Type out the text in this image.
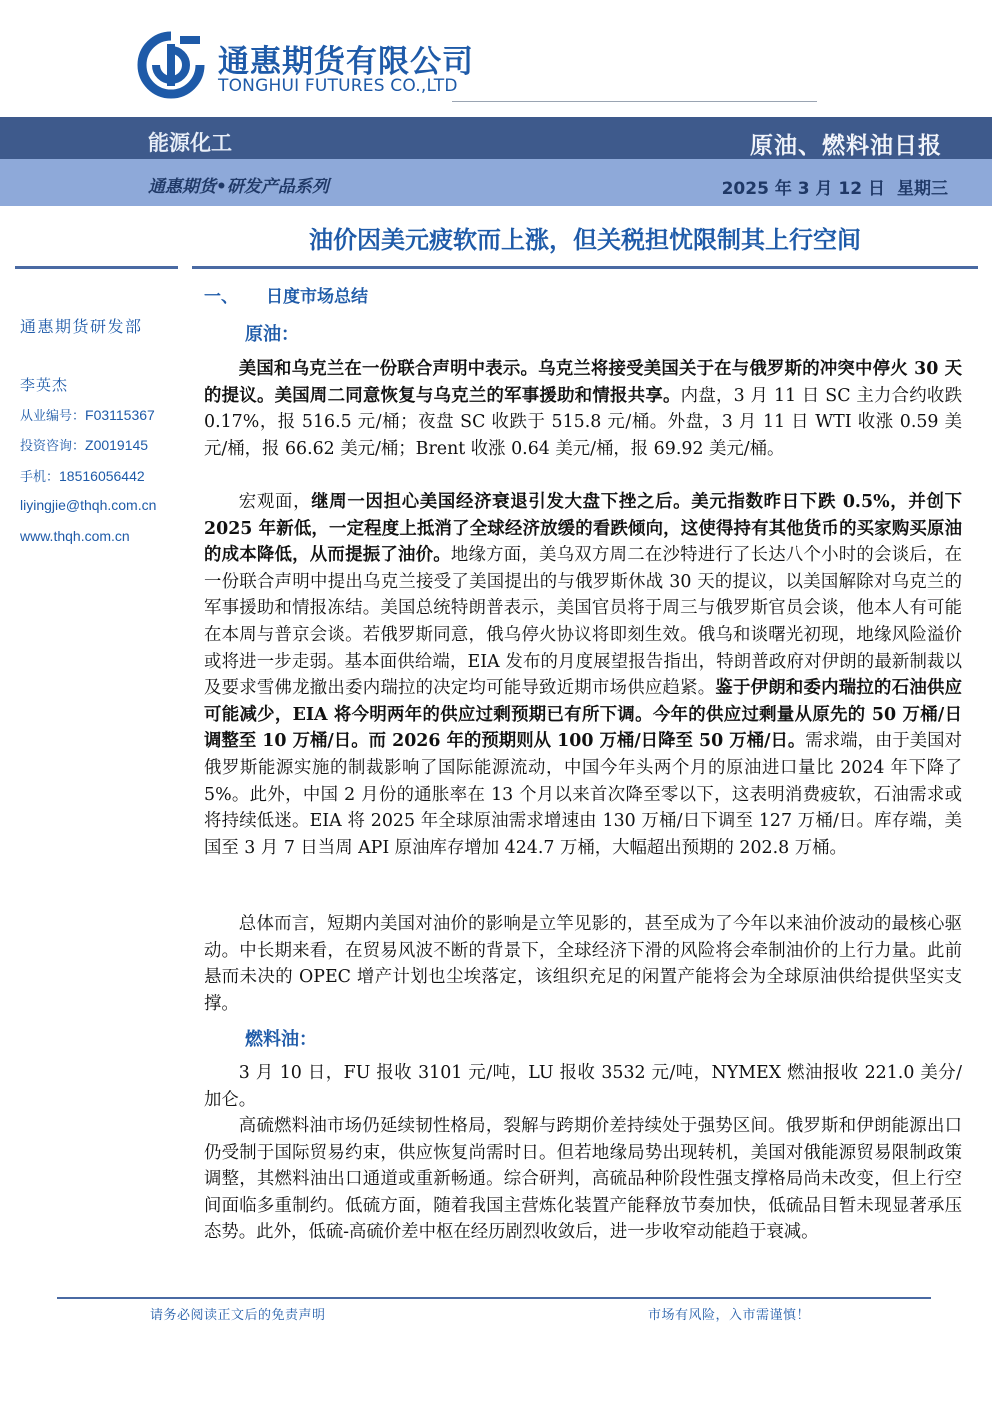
通惠期货有限公司
TONGHUI FUTURES CO.,LTD
能源化工	原油、燃料油日报
通惠期货•研发产品系列	2025 年 3 月 12 日 星期三
油价因美元疲软而上涨，但关税担忧限制其上行空间
通惠期货研发部
李英杰
从业编号：F03115367
投资咨询：Z0019145
手机：18516056442
liyingjie@thqh.com.cn
www.thqh.com.cn
一、 日度市场总结
原油：

美国和乌克兰在一份联合声明中表示。乌克兰将接受美国关于在与俄罗斯的冲突中停火 30 天的提议。美国周二同意恢复与乌克兰的军事援助和情报共享。内盘，3 月 11 日 SC 主力合约收跌 0.17%，报 516.5 元/桶；夜盘 SC 收跌于 515.8 元/桶。外盘，3 月 11 日 WTI 收涨 0.59 美元/桶，报 66.62 美元/桶；Brent 收涨 0.64 美元/桶，报 69.92 美元/桶。

宏观面，继周一因担心美国经济衰退引发大盘下挫之后。美元指数昨日下跌 0.5%，并创下 2025 年新低，一定程度上抵消了全球经济放缓的看跌倾向，这使得持有其他货币的买家购买原油的成本降低，从而提振了油价。地缘方面，美乌双方周二在沙特进行了长达八个小时的会谈后，在一份联合声明中提出乌克兰接受了美国提出的与俄罗斯休战 30 天的提议，以美国解除对乌克兰的军事援助和情报冻结。美国总统特朗普表示，美国官员将于周三与俄罗斯官员会谈，他本人有可能在本周与普京会谈。若俄罗斯同意，俄乌停火协议将即刻生效。俄乌和谈曙光初现，地缘风险溢价或将进一步走弱。基本面供给端，EIA 发布的月度展望报告指出，特朗普政府对伊朗的最新制裁以及要求雪佛龙撤出委内瑞拉的决定均可能导致近期市场供应趋紧。鉴于伊朗和委内瑞拉的石油供应可能减少，EIA 将今明两年的供应过剩预期已有所下调。今年的供应过剩量从原先的 50 万桶/日调整至 10 万桶/日。而 2026 年的预期则从 100 万桶/日降至 50 万桶/日。需求端，由于美国对俄罗斯能源实施的制裁影响了国际能源流动，中国今年头两个月的原油进口量比 2024 年下降了 5%。此外，中国 2 月份的通胀率在 13 个月以来首次降至零以下，这表明消费疲软，石油需求或将持续低迷。EIA 将 2025 年全球原油需求增速由 130 万桶/日下调至 127 万桶/日。库存端，美国至 3 月 7 日当周 API 原油库存增加 424.7 万桶，大幅超出预期的 202.8 万桶。

总体而言，短期内美国对油价的影响是立竿见影的，甚至成为了今年以来油价波动的最核心驱动。中长期来看，在贸易风波不断的背景下，全球经济下滑的风险将会牵制油价的上行力量。此前悬而未决的 OPEC 增产计划也尘埃落定，该组织充足的闲置产能将会为全球原油供给提供坚实支撑。

燃料油：

3 月 10 日，FU 报收 3101 元/吨，LU 报收 3532 元/吨，NYMEX 燃油报收 221.0 美分/加仑。

高硫燃料油市场仍延续韧性格局，裂解与跨期价差持续处于强势区间。俄罗斯和伊朗能源出口仍受制于国际贸易约束，供应恢复尚需时日。但若地缘局势出现转机，美国对俄能源贸易限制政策调整，其燃料油出口通道或重新畅通。综合研判，高硫品种阶段性强支撑格局尚未改变，但上行空间面临多重制约。低硫方面，随着我国主营炼化装置产能释放节奏加快，低硫品目暂未现显著承压态势。此外，低硫-高硫价差中枢在经历剧烈收敛后，进一步收窄动能趋于衰减。

请务必阅读正文后的免责声明	市场有风险，入市需谨慎！
